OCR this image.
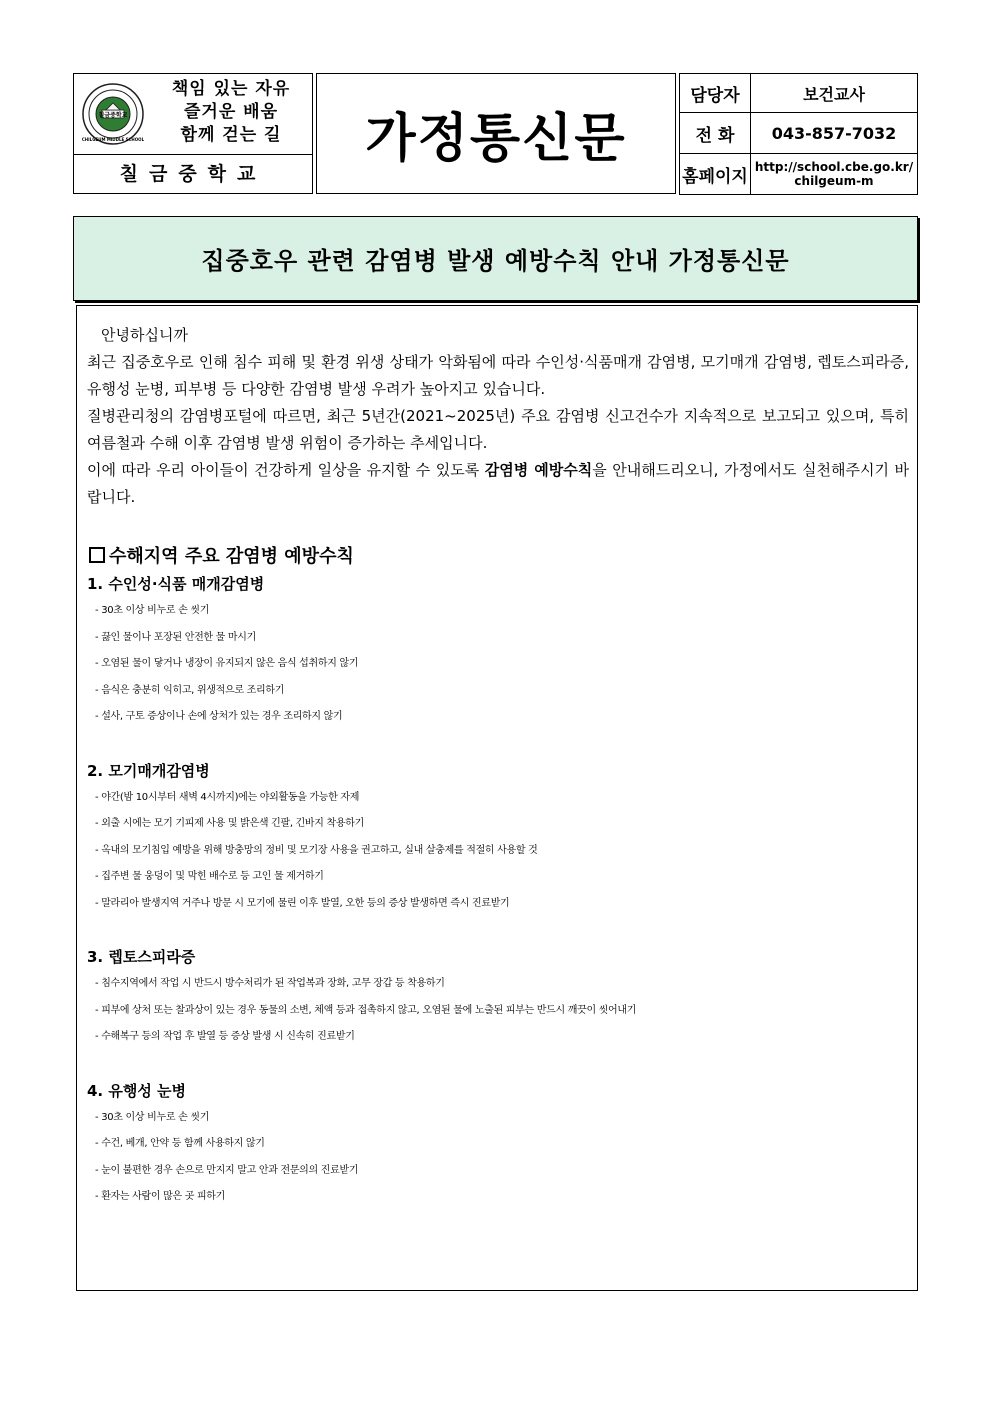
칠금중학교
CHILGEUM MIDDLE SCHOOL
책임 있는 자유
즐거운 배움
함께 걷는 길
칠금중학교
가정통신문
담당자	보건교사
전 화	043-857-7032
홈페이지	http://school.cbe.go.kr/
chilgeum-m
집중호우 관련 감염병 발생 예방수칙 안내 가정통신문

안녕하십니까

최근 집중호우로 인해 침수 피해 및 환경 위생 상태가 악화됨에 따라 수인성·식품매개 감염병, 모기매개 감염병, 렙토스피라증, 유행성 눈병, 피부병 등 다양한 감염병 발생 우려가 높아지고 있습니다.

질병관리청의 감염병포털에 따르면, 최근 5년간(2021~2025년) 주요 감염병 신고건수가 지속적으로 보고되고 있으며, 특히 여름철과 수해 이후 감염병 발생 위험이 증가하는 추세입니다.

이에 따라 우리 아이들이 건강하게 일상을 유지할 수 있도록 감염병 예방수칙을 안내해드리오니, 가정에서도 실천해주시기 바랍니다.

수해지역 주요 감염병 예방수칙
1. 수인성·식품 매개감염병
- 30초 이상 비누로 손 씻기
- 끓인 물이나 포장된 안전한 물 마시기
- 오염된 물이 닿거나 냉장이 유지되지 않은 음식 섭취하지 않기
- 음식은 충분히 익히고, 위생적으로 조리하기
- 설사, 구토 증상이나 손에 상처가 있는 경우 조리하지 않기
2. 모기매개감염병
- 야간(밤 10시부터 새벽 4시까지)에는 야외활동을 가능한 자제
- 외출 시에는 모기 기피제 사용 및 밝은색 긴팔, 긴바지 착용하기
- 옥내의 모기침입 예방을 위해 방충망의 정비 및 모기장 사용을 권고하고, 실내 살충제를 적절히 사용할 것
- 집주변 물 웅덩이 및 막힌 배수로 등 고인 물 제거하기
- 말라리아 발생지역 거주나 방문 시 모기에 물린 이후 발열, 오한 등의 증상 발생하면 즉시 진료받기
3. 렙토스피라증
- 침수지역에서 작업 시 반드시 방수처리가 된 작업복과 장화, 고무 장갑 등 착용하기
- 피부에 상처 또는 찰과상이 있는 경우 동물의 소변, 체액 등과 접촉하지 않고, 오염된 물에 노출된 피부는 반드시 깨끗이 씻어내기
- 수해복구 등의 작업 후 발열 등 증상 발생 시 신속히 진료받기
4. 유행성 눈병
- 30초 이상 비누로 손 씻기
- 수건, 베개, 안약 등 함께 사용하지 않기
- 눈이 불편한 경우 손으로 만지지 말고 안과 전문의의 진료받기
- 환자는 사람이 많은 곳 피하기
